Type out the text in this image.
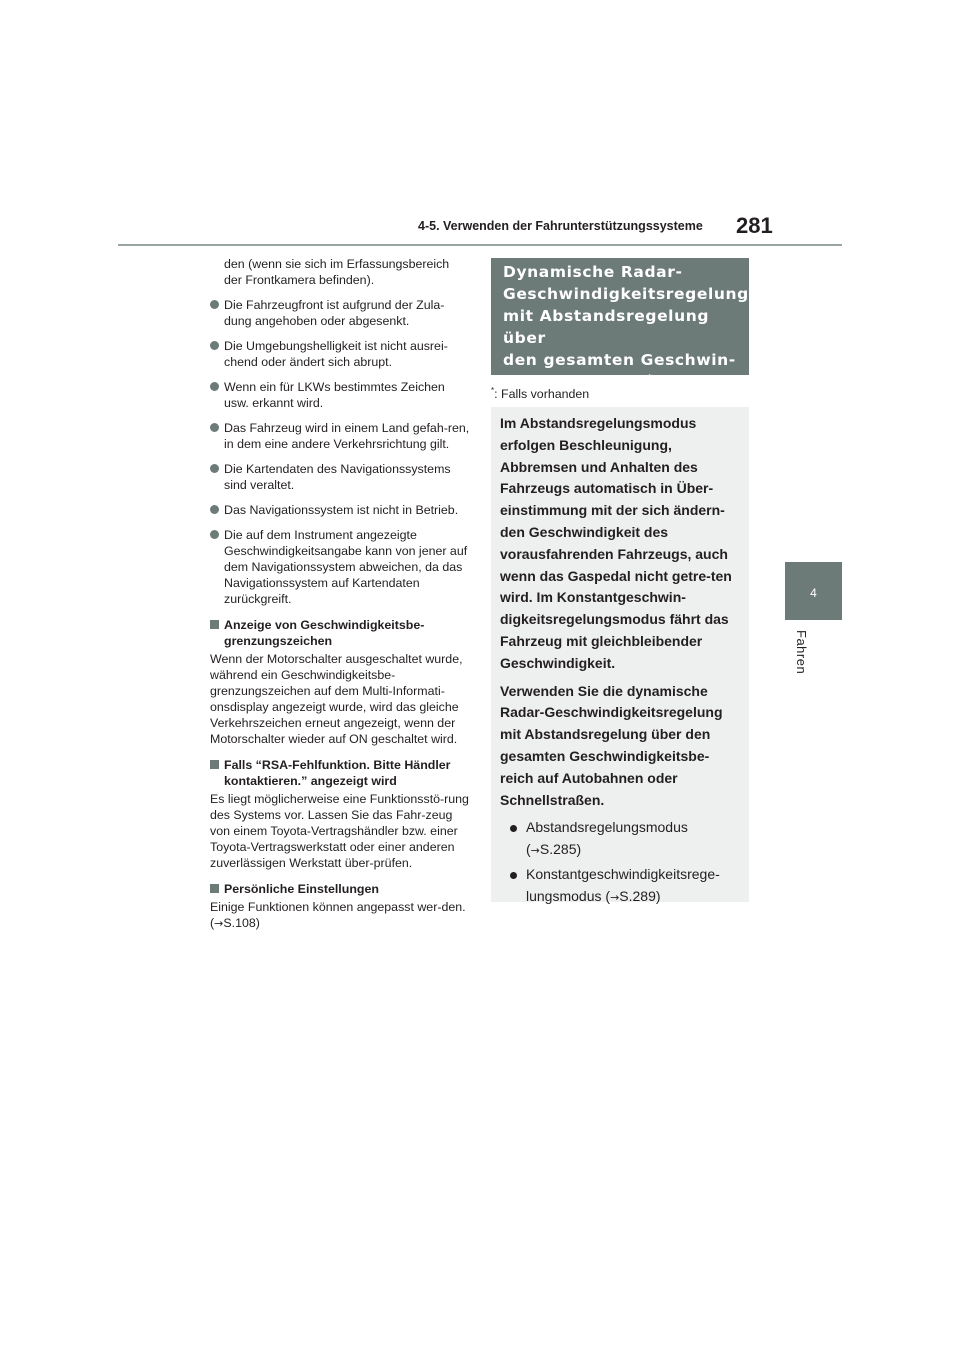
4-5. Verwenden der Fahrunterstützungssysteme 281
4
Fahren

den (wenn sie sich im Erfassungsbereich der Frontkamera befinden).

Die Fahrzeugfront ist aufgrund der Zula-dung angehoben oder abgesenkt.
Die Umgebungshelligkeit ist nicht ausrei-chend oder ändert sich abrupt.
Wenn ein für LKWs bestimmtes Zeichen usw. erkannt wird.
Das Fahrzeug wird in einem Land gefah-ren, in dem eine andere Verkehrsrichtung gilt.
Die Kartendaten des Navigationssystems sind veraltet.
Das Navigationssystem ist nicht in Betrieb.
Die auf dem Instrument angezeigte Geschwindigkeitsangabe kann von jener auf dem Navigationssystem abweichen, da das Navigationssystem auf Kartendaten zurückgreift.
Anzeige von Geschwindigkeitsbe-grenzungszeichen

Wenn der Motorschalter ausgeschaltet wurde, während ein Geschwindigkeitsbe-grenzungszeichen auf dem Multi-Informati-onsdisplay angezeigt wurde, wird das gleiche Verkehrszeichen erneut angezeigt, wenn der Motorschalter wieder auf ON geschaltet wird.

Falls “RSA-Fehlfunktion. Bitte Händler kontaktieren.” angezeigt wird

Es liegt möglicherweise eine Funktionsstö-rung des Systems vor. Lassen Sie das Fahr-zeug von einem Toyota-Vertragshändler bzw. einer Toyota-Vertragswerkstatt oder einer anderen zuverlässigen Werkstatt über-prüfen.

Persönliche Einstellungen

Einige Funktionen können angepasst wer-den. (→S.108)

Dynamische Radar-
Geschwindigkeitsregelung
mit Abstandsregelung über
den gesamten Geschwin-
digkeitsbereich*
*: Falls vorhanden

Im Abstandsregelungsmodus erfolgen Beschleunigung, Abbremsen und Anhalten des Fahrzeugs automatisch in Über-einstimmung mit der sich ändern-den Geschwindigkeit des vorausfahrenden Fahrzeugs, auch wenn das Gaspedal nicht getre-ten wird. Im Konstantgeschwin-digkeitsregelungsmodus fährt das Fahrzeug mit gleichbleibender Geschwindigkeit.

Verwenden Sie die dynamische Radar-Geschwindigkeitsregelung mit Abstandsregelung über den gesamten Geschwindigkeitsbe-reich auf Autobahnen oder Schnellstraßen.

Abstandsregelungsmodus
(→S.285)
Konstantgeschwindigkeitsrege-lungsmodus (→S.289)
